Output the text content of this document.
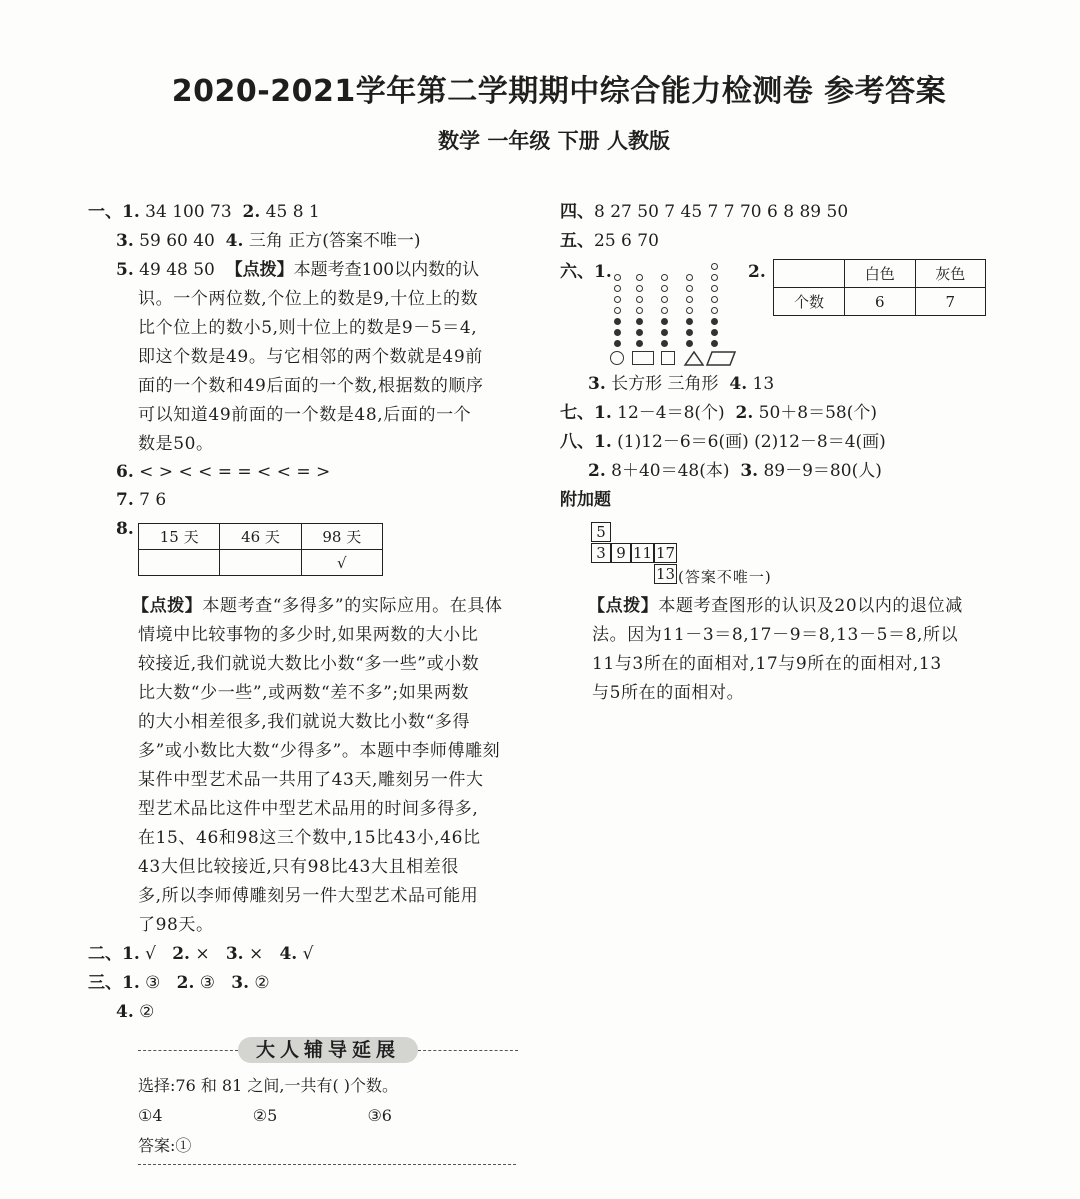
2020-2021学年第二学期期中综合能力检测卷 参考答案
数学 一年级 下册 人教版
一、1. 34 100 73 2. 45 8 1
3. 59 60 40 4. 三角 正方(答案不唯一)
5. 49 48 50 【点拨】本题考查100以内数的认
识。一个两位数,个位上的数是9,十位上的数
比个位上的数小5,则十位上的数是9－5＝4,
即这个数是49。与它相邻的两个数就是49前
面的一个数和49后面的一个数,根据数的顺序
可以知道49前面的一个数是48,后面的一个
数是50。
6. < > < < = = < < = >
7. 7 6
8. 15 天	46 天	98 天
		√
【点拨】本题考查“多得多”的实际应用。在具体
情境中比较事物的多少时,如果两数的大小比
较接近,我们就说大数比小数“多一些”或小数
比大数“少一些”,或两数“差不多”;如果两数
的大小相差很多,我们就说大数比小数“多得
多”或小数比大数“少得多”。本题中李师傅雕刻
某件中型艺术品一共用了43天,雕刻另一件大
型艺术品比这件中型艺术品用的时间多得多,
在15、46和98这三个数中,15比43小,46比
43大但比较接近,只有98比43大且相差很
多,所以李师傅雕刻另一件大型艺术品可能用
了98天。
二、1. √ 2. × 3. × 4. √
三、1. ③ 2. ③ 3. ②
4. ②
大人辅导延展
选择:76 和 81 之间,一共有( )个数。
①4	②5	③6
答案:①
四、8 27 50 7 45 7 7 70 6 8 89 50
五、25 6 70
六、1.	2.
		白色	灰色
个数	6	7
3. 长方形 三角形 4. 13
七、1. 12－4＝8(个) 2. 50＋8＝58(个)
八、1. (1)12－6＝6(画) (2)12－8＝4(画)
2. 8＋40＝48(本) 3. 89－9＝80(人)
附加题
5
3 9 11 17
13 (答案不唯一)
【点拨】本题考查图形的认识及20以内的退位减
法。因为11－3＝8,17－9＝8,13－5＝8,所以
11与3所在的面相对,17与9所在的面相对,13
与5所在的面相对。
